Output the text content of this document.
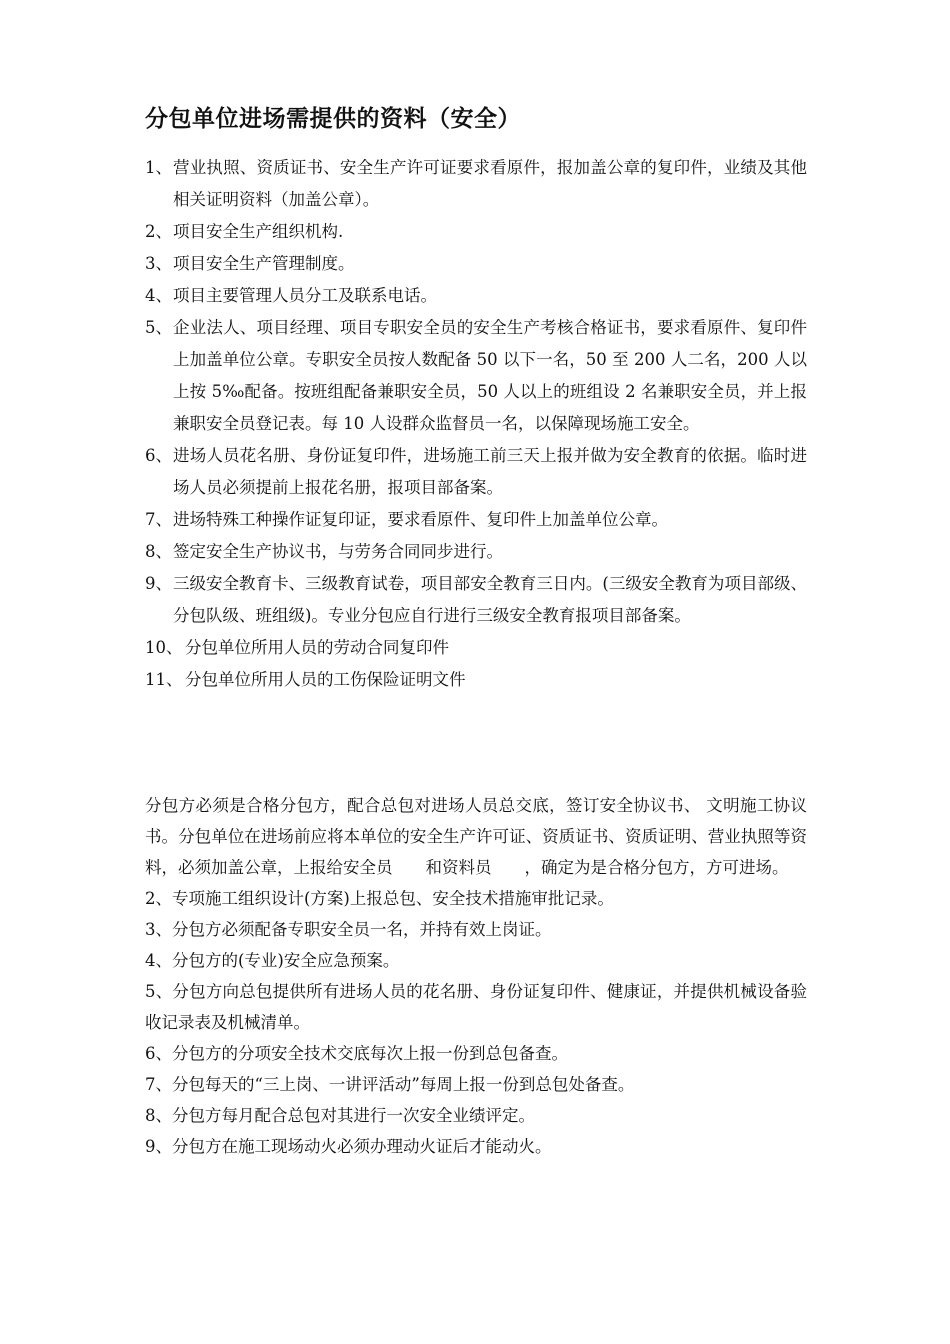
分包单位进场需提供的资料（安全）
1、 营业执照、资质证书、安全生产许可证要求看原件，报加盖公章的复印件，业绩及其他相关证明资料（加盖公章）。
2、 项目安全生产组织机构.
3、 项目安全生产管理制度。
4、 项目主要管理人员分工及联系电话。
5、 企业法人、项目经理、项目专职安全员的安全生产考核合格证书，要求看原件、复印件上加盖单位公章。专职安全员按人数配备 50 以下一名，50 至 200 人二名，200 人以上按 5‰配备。按班组配备兼职安全员，50 人以上的班组设 2 名兼职安全员，并上报兼职安全员登记表。每 10 人设群众监督员一名，以保障现场施工安全。
6、 进场人员花名册、身份证复印件，进场施工前三天上报并做为安全教育的依据。临时进场人员必须提前上报花名册，报项目部备案。
7、 进场特殊工种操作证复印证，要求看原件、复印件上加盖单位公章。
8、 签定安全生产协议书，与劳务合同同步进行。
9、 三级安全教育卡、三级教育试卷，项目部安全教育三日内。(三级安全教育为项目部级、分包队级、班组级)。专业分包应自行进行三级安全教育报项目部备案。
10、 分包单位所用人员的劳动合同复印件
11、 分包单位所用人员的工伤保险证明文件

分包方必须是合格分包方，配合总包对进场人员总交底，签订安全协议书、 文明施工协议书。分包单位在进场前应将本单位的安全生产许可证、资质证书、资质证明、营业执照等资料，必须加盖公章，上报给安全员　　和资料员　　，确定为是合格分包方，方可进场。

2、专项施工组织设计(方案)上报总包、安全技术措施审批记录。

3、分包方必须配备专职安全员一名，并持有效上岗证。

4、分包方的(专业)安全应急预案。

5、分包方向总包提供所有进场人员的花名册、身份证复印件、健康证，并提供机械设备验收记录表及机械清单。

6、分包方的分项安全技术交底每次上报一份到总包备查。

7、分包每天的“三上岗、一讲评活动”每周上报一份到总包处备查。

8、分包方每月配合总包对其进行一次安全业绩评定。

9、分包方在施工现场动火必须办理动火证后才能动火。
